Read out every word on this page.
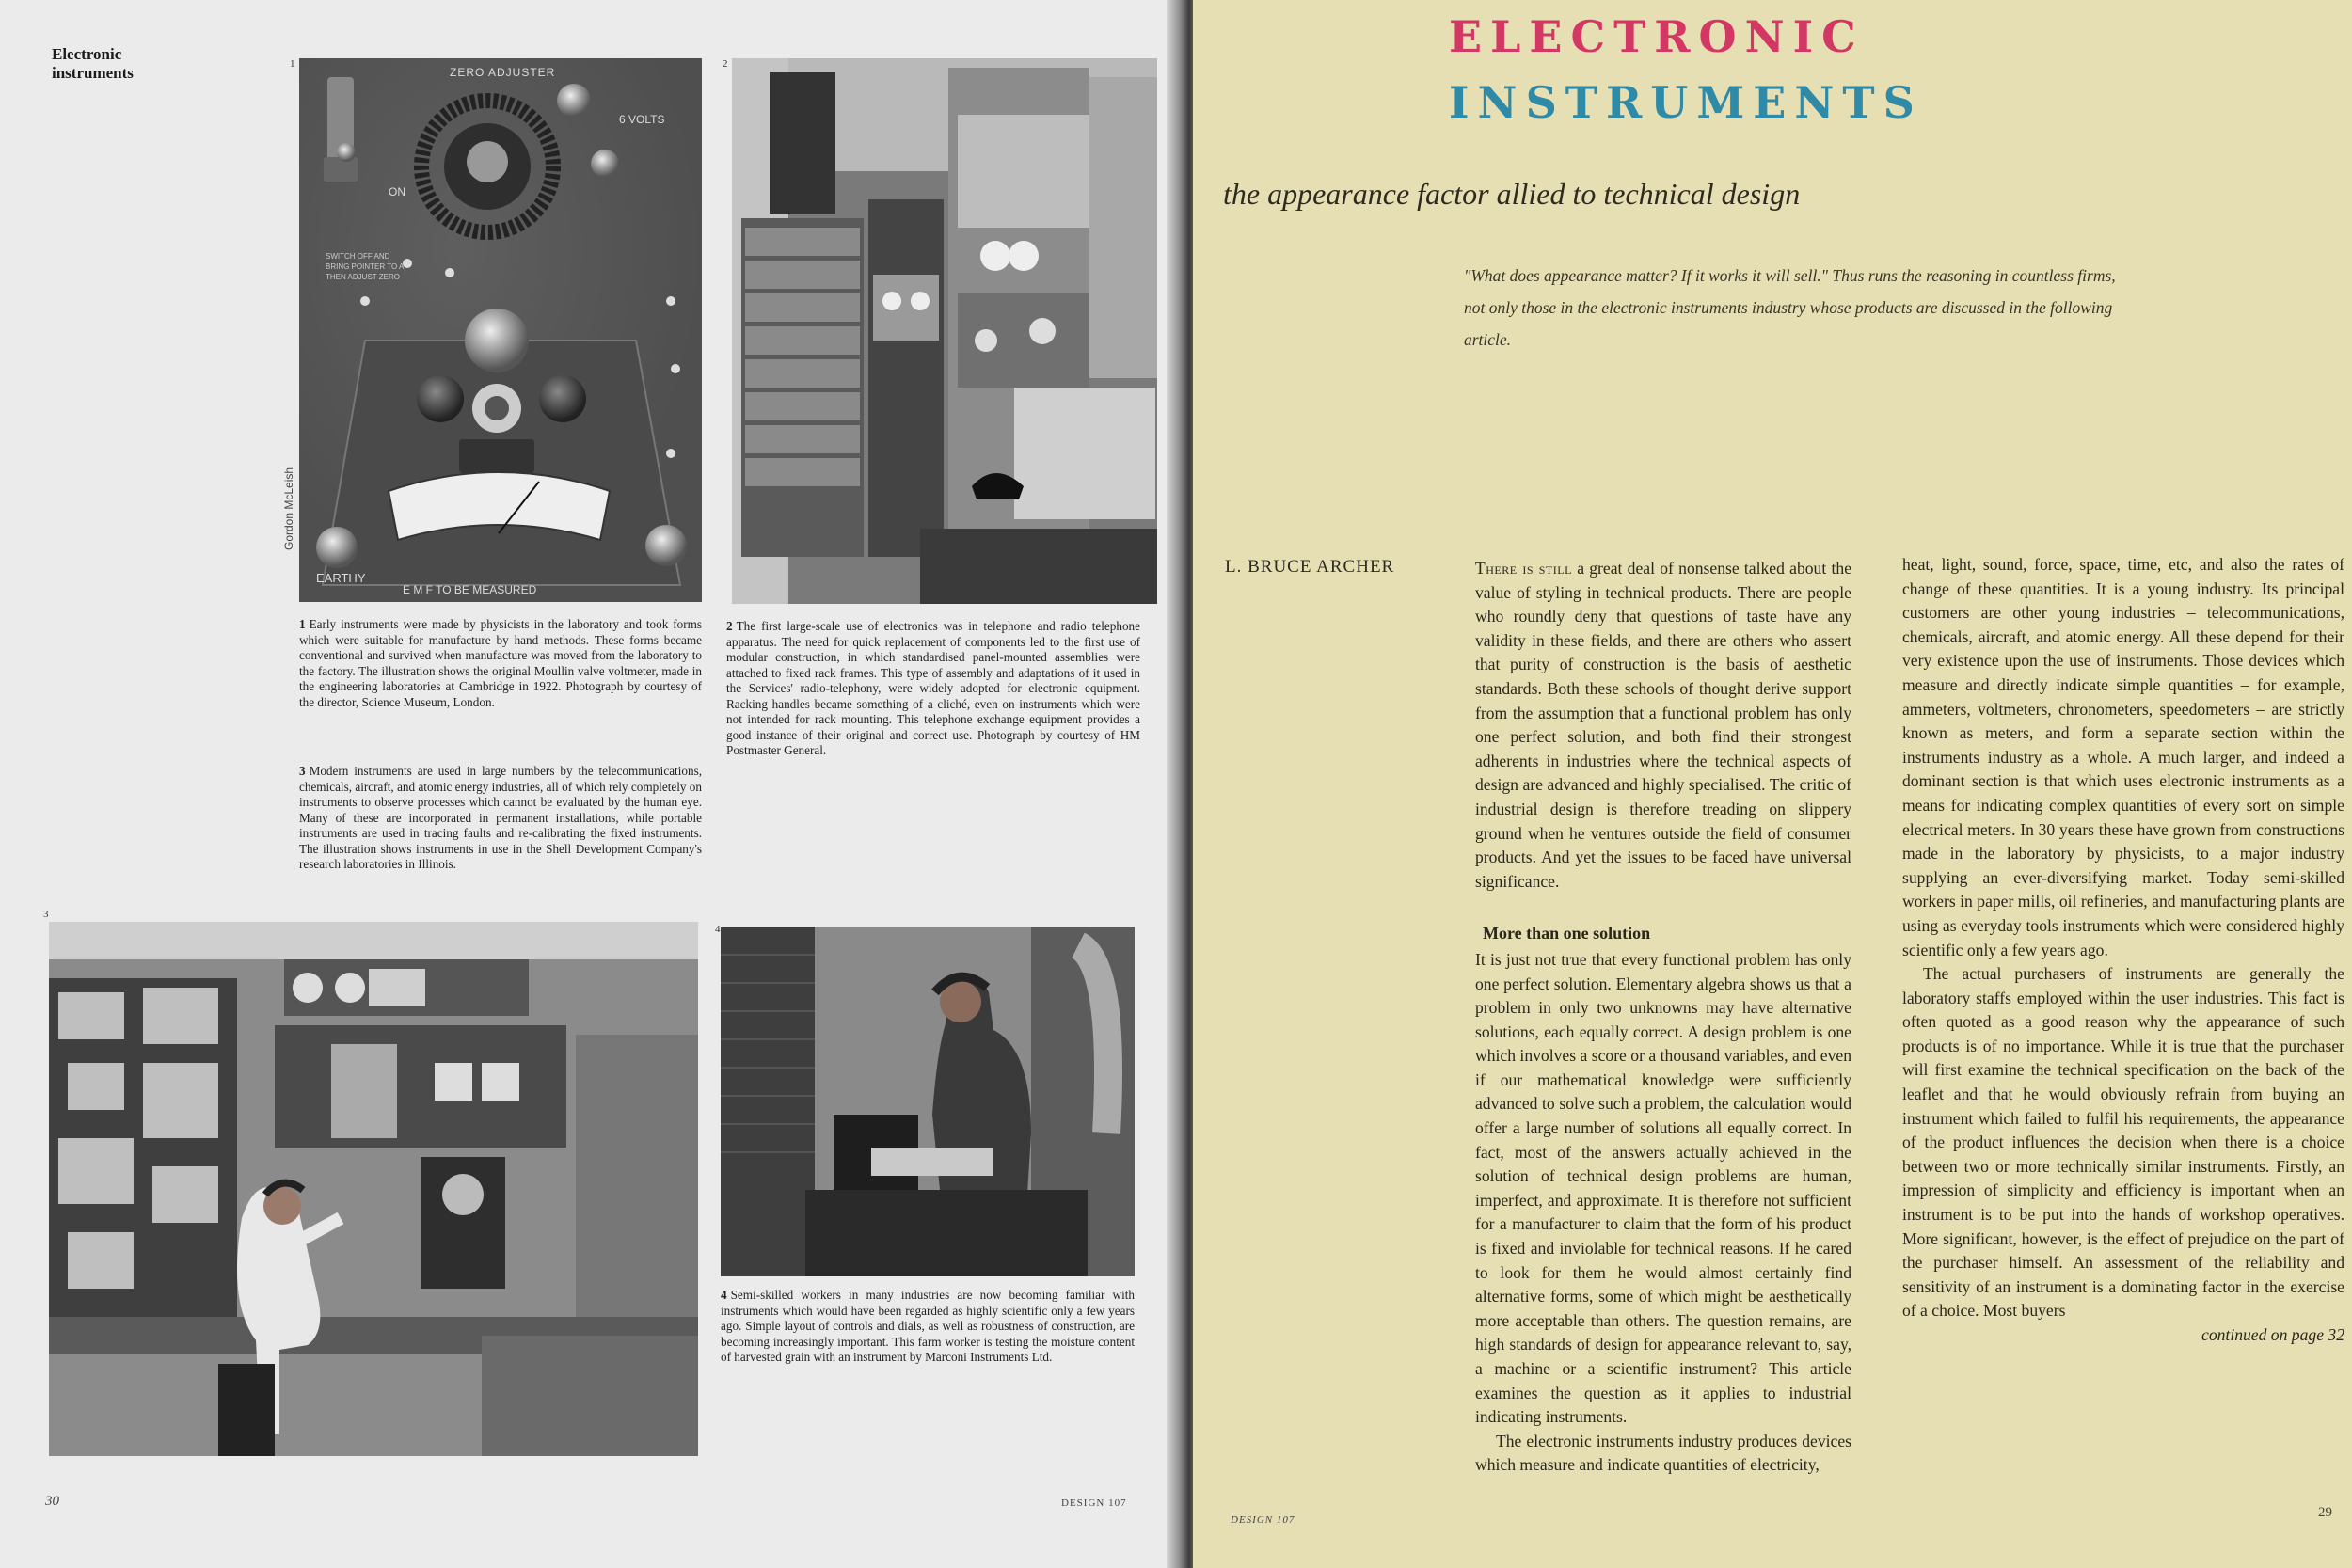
Electronic
instruments	1
ZERO ADJUSTER
6 VOLTS
ON
SWITCH OFF AND BRING POINTER TO A THEN ADJUST ZERO
EARTHY
E M F TO BE MEASURED
Gordon McLeish
2
1 Early instruments were made by physicists in the laboratory and took forms which were suitable for manufacture by hand methods. These forms became conventional and survived when manufacture was moved from the laboratory to the factory. The illustration shows the original Moullin valve voltmeter, made in the engineering laboratories at Cambridge in 1922. Photograph by courtesy of the director, Science Museum, London.
2 The first large-scale use of electronics was in telephone and radio telephone apparatus. The need for quick replacement of components led to the first use of modular construction, in which standardised panel-mounted assemblies were attached to fixed rack frames. This type of assembly and adaptations of it used in the Services' radio-telephony, were widely adopted for electronic equipment. Racking handles became something of a cliché, even on instruments which were not intended for rack mounting. This telephone exchange equipment provides a good instance of their original and correct use. Photograph by courtesy of HM Postmaster General.
3 Modern instruments are used in large numbers by the telecommunications, chemicals, aircraft, and atomic energy industries, all of which rely completely on instruments to observe processes which cannot be evaluated by the human eye. Many of these are incorporated in permanent installations, while portable instruments are used in tracing faults and re-calibrating the fixed instruments. The illustration shows instruments in use in the Shell Development Company's research laboratories in Illinois.
3
4
4 Semi-skilled workers in many industries are now becoming familiar with instruments which would have been regarded as highly scientific only a few years ago. Simple layout of controls and dials, as well as robustness of construction, are becoming increasingly important. This farm worker is testing the moisture content of harvested grain with an instrument by Marconi Instruments Ltd.
30	DESIGN 107
ELECTRONIC
INSTRUMENTS
the appearance factor allied to technical design
"What does appearance matter? If it works it will sell." Thus runs the reasoning in countless firms, not only those in the electronic instruments industry whose products are discussed in the following article.
L. BRUCE ARCHER	There is still a great deal of nonsense talked about the value of styling in technical products. There are people who roundly deny that questions of taste have any validity in these fields, and there are others who assert that purity of construction is the basis of aesthetic standards. Both these schools of thought derive support from the assumption that a functional problem has only one perfect solution, and both find their strongest adherents in industries where the technical aspects of design are advanced and highly specialised. The critic of industrial design is therefore treading on slippery ground when he ventures outside the field of consumer products. And yet the issues to be faced have universal significance.

More than one solution

It is just not true that every functional problem has only one perfect solution. Elementary algebra shows us that a problem in only two unknowns may have alternative solutions, each equally correct. A design problem is one which involves a score or a thousand variables, and even if our mathematical knowledge were sufficiently advanced to solve such a problem, the calculation would offer a large number of solutions all equally correct. In fact, most of the answers actually achieved in the solution of technical design problems are human, imperfect, and approximate. It is therefore not sufficient for a manufacturer to claim that the form of his product is fixed and inviolable for technical reasons. If he cared to look for them he would almost certainly find alternative forms, some of which might be aesthetically more acceptable than others. The question remains, are high standards of design for appearance relevant to, say, a machine or a scientific instrument? This article examines the question as it applies to industrial indicating instruments.

The electronic instruments industry produces devices which measure and indicate quantities of electricity,

heat, light, sound, force, space, time, etc, and also the rates of change of these quantities. It is a young industry. Its principal customers are other young industries – telecommunications, chemicals, aircraft, and atomic energy. All these depend for their very existence upon the use of instruments. Those devices which measure and directly indicate simple quantities – for example, ammeters, voltmeters, chronometers, speedometers – are strictly known as meters, and form a separate section within the instruments industry as a whole. A much larger, and indeed a dominant section is that which uses electronic instruments as a means for indicating complex quantities of every sort on simple electrical meters. In 30 years these have grown from constructions made in the laboratory by physicists, to a major industry supplying an ever-diversifying market. Today semi-skilled workers in paper mills, oil refineries, and manufacturing plants are using as everyday tools instruments which were considered highly scientific only a few years ago.

The actual purchasers of instruments are generally the laboratory staffs employed within the user industries. This fact is often quoted as a good reason why the appearance of such products is of no importance. While it is true that the purchaser will first examine the technical specification on the back of the leaflet and that he would obviously refrain from buying an instrument which failed to fulfil his requirements, the appearance of the product influences the decision when there is a choice between two or more technically similar instruments. Firstly, an impression of simplicity and efficiency is important when an instrument is to be put into the hands of workshop operatives. More significant, however, is the effect of prejudice on the part of the purchaser himself. An assessment of the reliability and sensitivity of an instrument is a dominating factor in the exercise of a choice. Most buyers

continued on page 32
DESIGN 107	29
